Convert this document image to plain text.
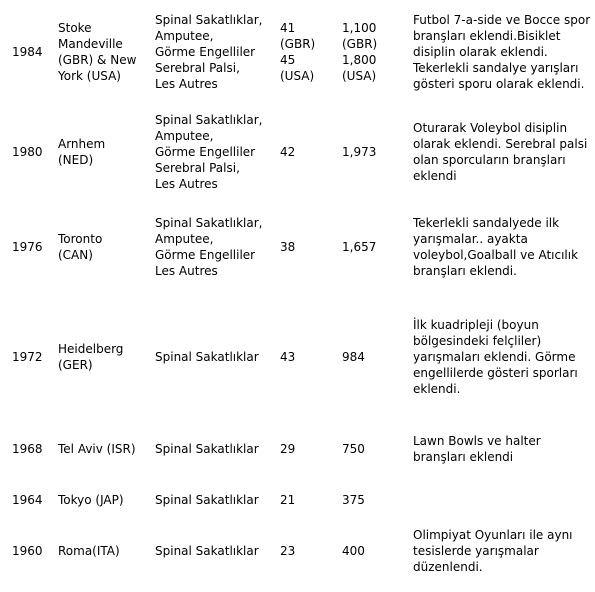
1984	Stoke
Mandeville
(GBR) & New
York (USA)	Spinal Sakatlıklar,
Amputee,
Görme Engelliler
Serebral Palsi,
Les Autres	41
(GBR)
45
(USA)	1,100
(GBR)
1,800
(USA)	Futbol 7-a-side ve Bocce spor
branşları eklendi.Bisiklet
disiplin olarak eklendi.
Tekerlekli sandalye yarışları
gösteri sporu olarak eklendi.
1980	Arnhem
(NED)	Spinal Sakatlıklar,
Amputee,
Görme Engelliler
Serebral Palsi,
Les Autres	42	1,973	Oturarak Voleybol disiplin
olarak eklendi. Serebral palsi
olan sporcuların branşları
eklendi
1976	Toronto
(CAN)	Spinal Sakatlıklar,
Amputee,
Görme Engelliler
Les Autres	38	1,657	Tekerlekli sandalyede ilk
yarışmalar.. ayakta
voleybol,Goalball ve Atıcılık
branşları eklendi.
1972	Heidelberg
(GER)	Spinal Sakatlıklar	43	984	İlk kuadripleji (boyun
bölgesindeki felçliler)
yarışmaları eklendi. Görme
engellilerde gösteri sporları
eklendi.
1968	Tel Aviv (ISR)	Spinal Sakatlıklar	29	750	Lawn Bowls ve halter
branşları eklendi
1964	Tokyo (JAP)	Spinal Sakatlıklar	21	375	
1960	Roma(ITA)	Spinal Sakatlıklar	23	400	Olimpiyat Oyunları ile aynı
tesislerde yarışmalar
düzenlendi.
